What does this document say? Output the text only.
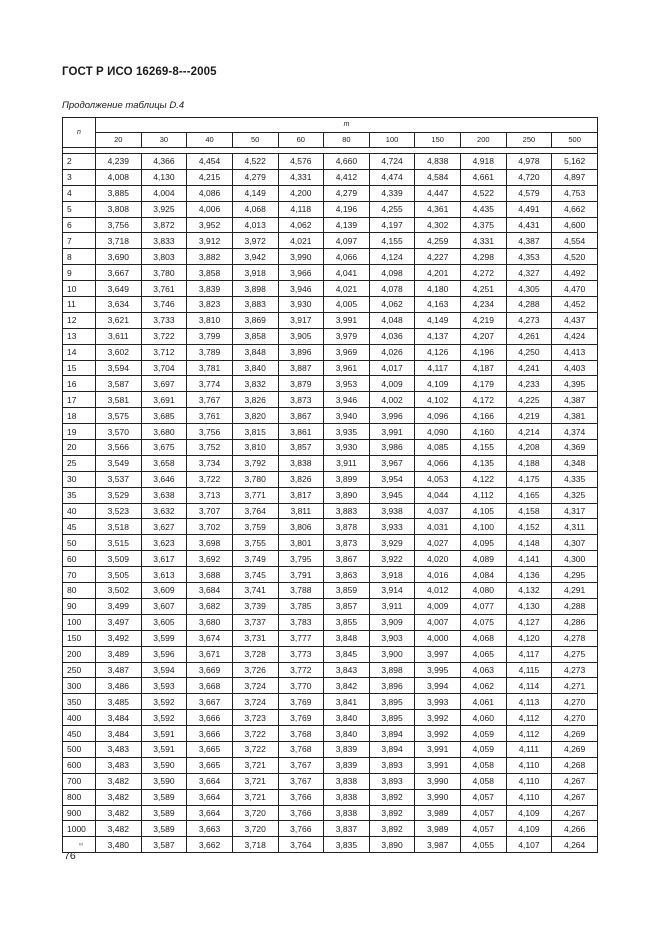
ГОСТ Р ИСО 16269-8---2005
Продолжение таблицы D.4
n	m										
	20	30	40	50	60	80	100	150	200	250	500

2	4,239	4,366	4,454	4,522	4,576	4,660	4,724	4,838	4,918	4,978	5,162
3	4,008	4,130	4,215	4,279	4,331	4,412	4,474	4,584	4,661	4,720	4,897
4	3,885	4,004	4,086	4,149	4,200	4,279	4,339	4,447	4,522	4,579	4,753
5	3,808	3,925	4,006	4,068	4,118	4,196	4,255	4,361	4,435	4,491	4,662
6	3,756	3,872	3,952	4,013	4,062	4,139	4,197	4,302	4,375	4,431	4,600
7	3,718	3,833	3,912	3,972	4,021	4,097	4,155	4,259	4,331	4,387	4,554
8	3,690	3,803	3,882	3,942	3,990	4,066	4,124	4,227	4,298	4,353	4,520
9	3,667	3,780	3,858	3,918	3,966	4,041	4,098	4,201	4,272	4,327	4,492
10	3,649	3,761	3,839	3,898	3,946	4,021	4,078	4,180	4,251	4,305	4,470
11	3,634	3,746	3,823	3,883	3,930	4,005	4,062	4,163	4,234	4,288	4,452
12	3,621	3,733	3,810	3,869	3,917	3,991	4,048	4,149	4,219	4,273	4,437
13	3,611	3,722	3,799	3,858	3,905	3,979	4,036	4,137	4,207	4,261	4,424
14	3,602	3,712	3,789	3,848	3,896	3,969	4,026	4,126	4,196	4,250	4,413
15	3,594	3,704	3,781	3,840	3,887	3,961	4,017	4,117	4,187	4,241	4,403
16	3,587	3,697	3,774	3,832	3,879	3,953	4,009	4,109	4,179	4,233	4,395
17	3,581	3,691	3,767	3,826	3,873	3,946	4,002	4,102	4,172	4,225	4,387
18	3,575	3,685	3,761	3,820	3,867	3,940	3,996	4,096	4,166	4,219	4,381
19	3,570	3,680	3,756	3,815	3,861	3,935	3,991	4,090	4,160	4,214	4,374
20	3,566	3,675	3,752	3,810	3,857	3,930	3,986	4,085	4,155	4,208	4,369
25	3,549	3,658	3,734	3,792	3,838	3,911	3,967	4,066	4,135	4,188	4,348
30	3,537	3,646	3,722	3,780	3,826	3,899	3,954	4,053	4,122	4,175	4,335
35	3,529	3,638	3,713	3,771	3,817	3,890	3,945	4,044	4,112	4,165	4,325
40	3,523	3,632	3,707	3,764	3,811	3,883	3,938	4,037	4,105	4,158	4,317
45	3,518	3,627	3,702	3,759	3,806	3,878	3,933	4,031	4,100	4,152	4,311
50	3,515	3,623	3,698	3,755	3,801	3,873	3,929	4,027	4,095	4,148	4,307
60	3,509	3,617	3,692	3,749	3,795	3,867	3,922	4,020	4,089	4,141	4,300
70	3,505	3,613	3,688	3,745	3,791	3,863	3,918	4,016	4,084	4,136	4,295
80	3,502	3,609	3,684	3,741	3,788	3,859	3,914	4,012	4,080	4,132	4,291
90	3,499	3,607	3,682	3,739	3,785	3,857	3,911	4,009	4,077	4,130	4,288
100	3,497	3,605	3,680	3,737	3,783	3,855	3,909	4,007	4,075	4,127	4,286
150	3,492	3,599	3,674	3,731	3,777	3,848	3,903	4,000	4,068	4,120	4,278
200	3,489	3,596	3,671	3,728	3,773	3,845	3,900	3,997	4,065	4,117	4,275
250	3,487	3,594	3,669	3,726	3,772	3,843	3,898	3,995	4,063	4,115	4,273
300	3,486	3,593	3,668	3,724	3,770	3,842	3,896	3,994	4,062	4,114	4,271
350	3,485	3,592	3,667	3,724	3,769	3,841	3,895	3,993	4,061	4,113	4,270
400	3,484	3,592	3,666	3,723	3,769	3,840	3,895	3,992	4,060	4,112	4,270
450	3,484	3,591	3,666	3,722	3,768	3,840	3,894	3,992	4,059	4,112	4,269
500	3,483	3,591	3,665	3,722	3,768	3,839	3,894	3,991	4,059	4,111	4,269
600	3,483	3,590	3,665	3,721	3,767	3,839	3,893	3,991	4,058	4,110	4,268
700	3,482	3,590	3,664	3,721	3,767	3,838	3,893	3,990	4,058	4,110	4,267
800	3,482	3,589	3,664	3,721	3,766	3,838	3,892	3,990	4,057	4,110	4,267
900	3,482	3,589	3,664	3,720	3,766	3,838	3,892	3,989	4,057	4,109	4,267
1000	3,482	3,589	3,663	3,720	3,766	3,837	3,892	3,989	4,057	4,109	4,266
∞	3,480	3,587	3,662	3,718	3,764	3,835	3,890	3,987	4,055	4,107	4,264
76
